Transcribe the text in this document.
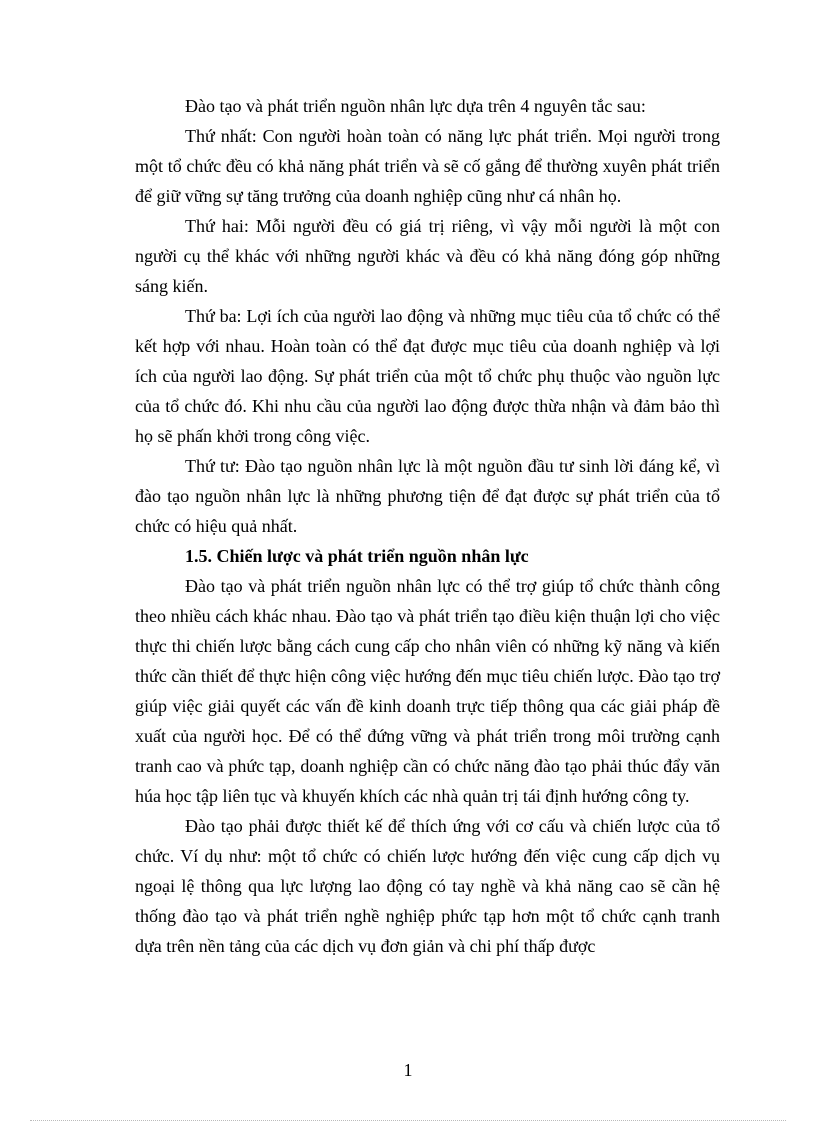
Đào tạo và phát triển nguồn nhân lực dựa trên 4 nguyên tắc sau:

Thứ nhất: Con người hoàn toàn có năng lực phát triển. Mọi người trong một tổ chức đều có khả năng phát triển và sẽ cố gắng để thường xuyên phát triển để giữ vững sự tăng trưởng của doanh nghiệp cũng như cá nhân họ.

Thứ hai: Mỗi người đều có giá trị riêng, vì vậy mỗi người là một con người cụ thể khác với những người khác và đều có khả năng đóng góp những sáng kiến.

Thứ ba: Lợi ích của người lao động và những mục tiêu của tổ chức có thể kết hợp với nhau. Hoàn toàn có thể đạt được mục tiêu của doanh nghiệp và lợi ích của người lao động. Sự phát triển của một tổ chức phụ thuộc vào nguồn lực của tổ chức đó. Khi nhu cầu của người lao động được thừa nhận và đảm bảo thì họ sẽ phấn khởi trong công việc.

Thứ tư: Đào tạo nguồn nhân lực là một nguồn đầu tư sinh lời đáng kể, vì đào tạo nguồn nhân lực là những phương tiện để đạt được sự phát triển của tổ chức có hiệu quả nhất.

1.5. Chiến lược và phát triển nguồn nhân lực

Đào tạo và phát triển nguồn nhân lực có thể trợ giúp tổ chức thành công theo nhiều cách khác nhau. Đào tạo và phát triển tạo điều kiện thuận lợi cho việc thực thi chiến lược bằng cách cung cấp cho nhân viên có những kỹ năng và kiến thức cần thiết để thực hiện công việc hướng đến mục tiêu chiến lược. Đào tạo trợ giúp việc giải quyết các vấn đề kinh doanh trực tiếp thông qua các giải pháp đề xuất của người học. Để có thể đứng vững và phát triển trong môi trường cạnh tranh cao và phức tạp, doanh nghiệp cần có chức năng đào tạo phải thúc đẩy văn húa học tập liên tục và khuyến khích các nhà quản trị tái định hướng công ty.

Đào tạo phải được thiết kế để thích ứng với cơ cấu và chiến lược của tổ chức. Ví dụ như: một tổ chức có chiến lược hướng đến việc cung cấp dịch vụ ngoại lệ thông qua lực lượng lao động có tay nghề và khả năng cao sẽ cần hệ thống đào tạo và phát triển nghề nghiệp phức tạp hơn một tổ chức cạnh tranh dựa trên nền tảng của các dịch vụ đơn giản và chi phí thấp được

1
